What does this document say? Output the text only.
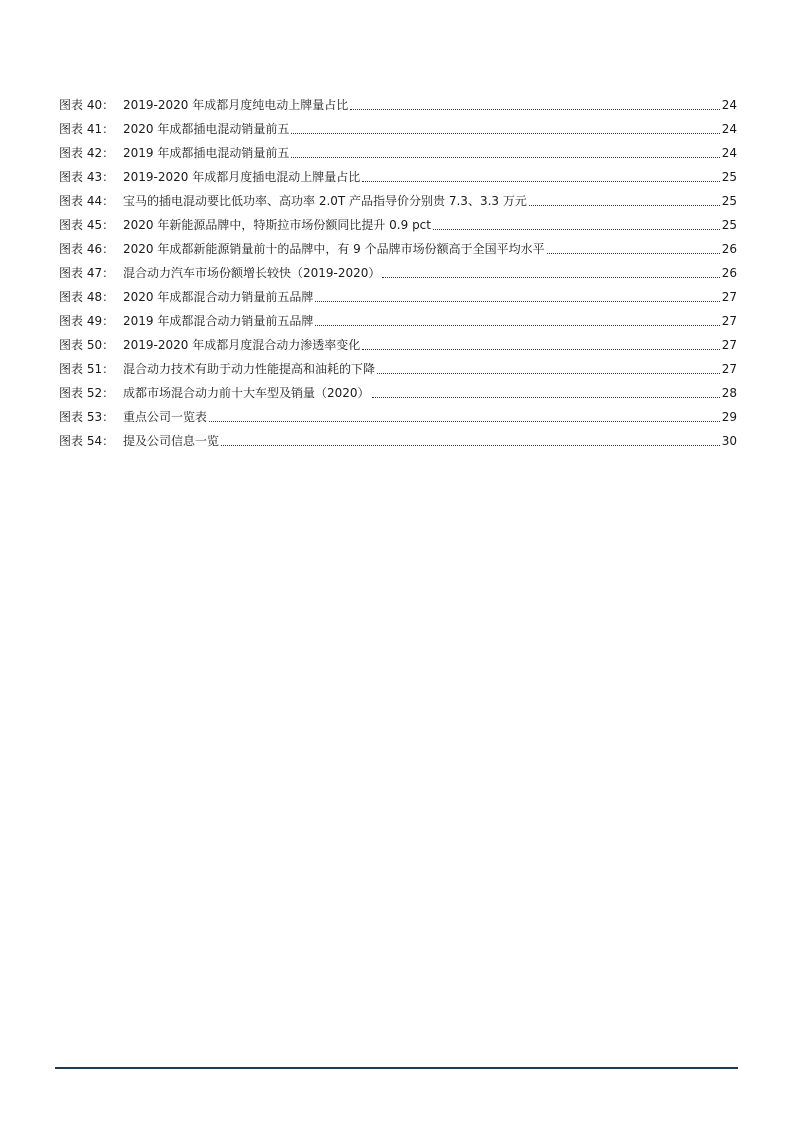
图表 40： 2019-2020 年成都月度纯电动上牌量占比	24
图表 41： 2020 年成都插电混动销量前五	24
图表 42： 2019 年成都插电混动销量前五	24
图表 43： 2019-2020 年成都月度插电混动上牌量占比	25
图表 44： 宝马的插电混动要比低功率、高功率 2.0T 产品指导价分别贵 7.3、3.3 万元	25
图表 45： 2020 年新能源品牌中，特斯拉市场份额同比提升 0.9 pct	25
图表 46： 2020 年成都新能源销量前十的品牌中，有 9 个品牌市场份额高于全国平均水平	26
图表 47： 混合动力汽车市场份额增长较快（2019-2020）	26
图表 48： 2020 年成都混合动力销量前五品牌	27
图表 49： 2019 年成都混合动力销量前五品牌	27
图表 50： 2019-2020 年成都月度混合动力渗透率变化	27
图表 51： 混合动力技术有助于动力性能提高和油耗的下降	27
图表 52： 成都市场混合动力前十大车型及销量（2020）	28
图表 53： 重点公司一览表	29
图表 54： 提及公司信息一览	30
